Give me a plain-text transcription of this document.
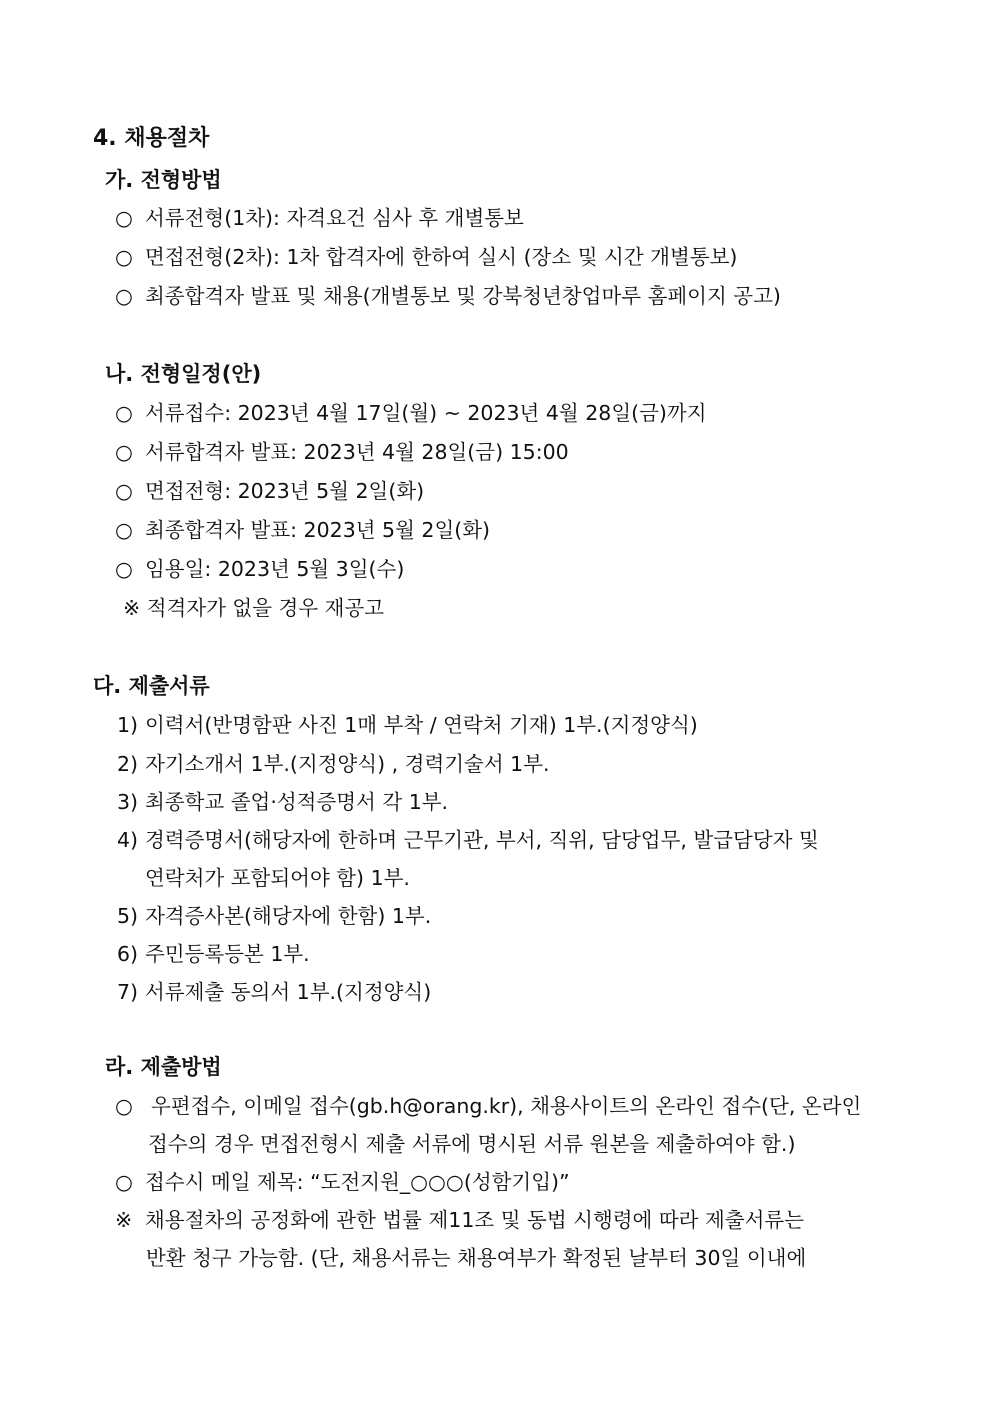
4. 채용절차
가. 전형방법
○ 서류전형(1차): 자격요건 심사 후 개별통보
○ 면접전형(2차): 1차 합격자에 한하여 실시 (장소 및 시간 개별통보)
○ 최종합격자 발표 및 채용(개별통보 및 강북청년창업마루 홈페이지 공고)
나. 전형일정(안)
○ 서류접수: 2023년 4월 17일(월) ~ 2023년 4월 28일(금)까지
○ 서류합격자 발표: 2023년 4월 28일(금) 15:00
○ 면접전형: 2023년 5월 2일(화)
○ 최종합격자 발표: 2023년 5월 2일(화)
○ 임용일: 2023년 5월 3일(수)
※ 적격자가 없을 경우 재공고
다. 제출서류
1) 이력서(반명함판 사진 1매 부착 / 연락처 기재) 1부.(지정양식)
2) 자기소개서 1부.(지정양식) , 경력기술서 1부.
3) 최종학교 졸업·성적증명서 각 1부.
4) 경력증명서(해당자에 한하며 근무기관, 부서, 직위, 담당업무, 발급담당자 및
연락처가 포함되어야 함) 1부.
5) 자격증사본(해당자에 한함) 1부.
6) 주민등록등본 1부.
7) 서류제출 동의서 1부.(지정양식)
라. 제출방법
○ 우편접수, 이메일 접수(gb.h@orang.kr), 채용사이트의 온라인 접수(단, 온라인
접수의 경우 면접전형시 제출 서류에 명시된 서류 원본을 제출하여야 함.)
○ 접수시 메일 제목: “도전지원_○○○(성함기입)”
※ 채용절차의 공정화에 관한 법률 제11조 및 동법 시행령에 따라 제출서류는
반환 청구 가능함. (단, 채용서류는 채용여부가 확정된 날부터 30일 이내에
